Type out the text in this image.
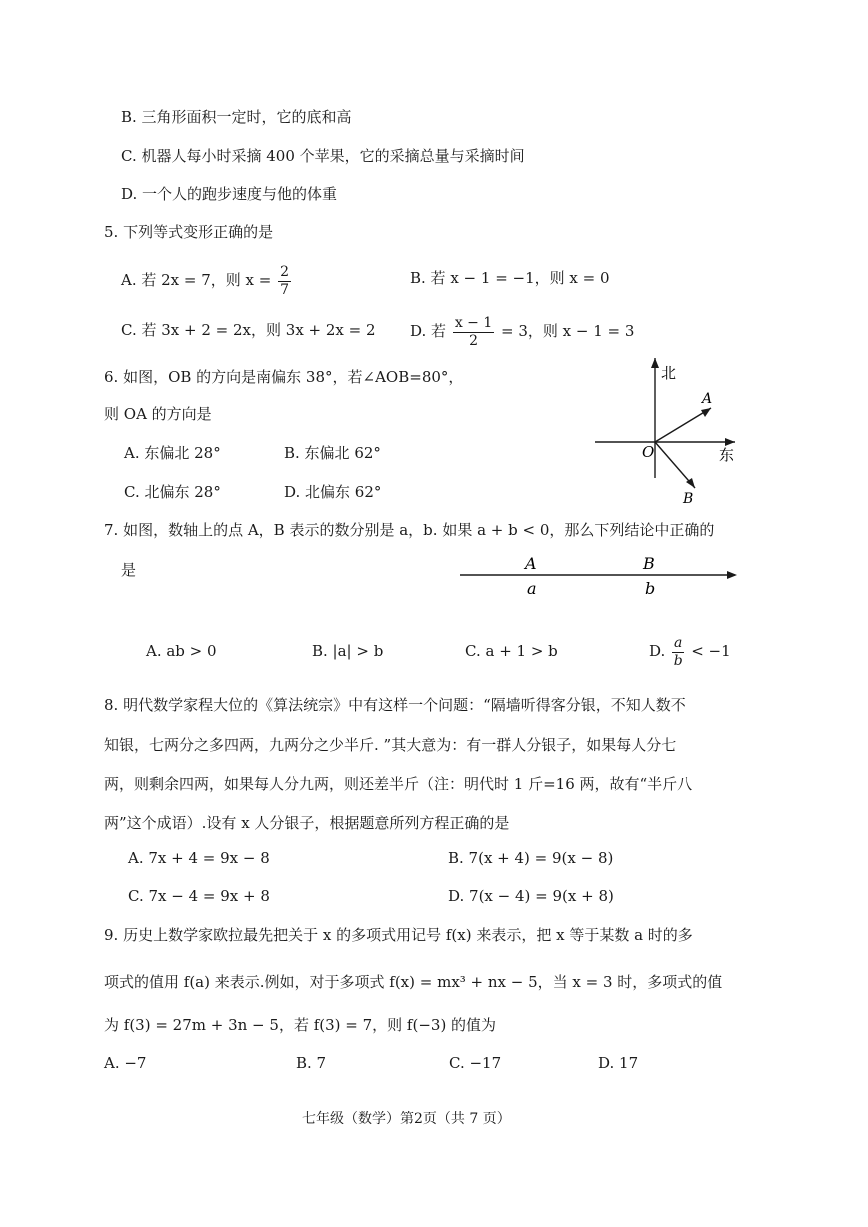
B. 三角形面积一定时，它的底和高
C. 机器人每小时采摘 400 个苹果，它的采摘总量与采摘时间
D. 一个人的跑步速度与他的体重
5. 下列等式变形正确的是
A. 若 2x = 7，则 $x = \frac{2}{7}$	B. 若 x − 1 = −1，则 x = 0
C. 若 3x + 2 = 2x，则 3x + 2x = 2 D. 若 $\frac{x - 1}{2} = 3$，则 x − 1 = 3
6. 如图，OB 的方向是南偏东 38°，若∠AOB=80°，
则 OA 的方向是
A. 东偏北 28°	B. 东偏北 62°
C. 北偏东 28°	D. 北偏东 62°
北
东
O
A
B
7. 如图，数轴上的点 A，B 表示的数分别是 a，b. 如果 a + b < 0，那么下列结论中正确的
是	A	B
a	b
A. ab > 0	B. |a| > b	C. a + 1 > b	D. $\frac{a}{b} < -1$
8. 明代数学家程大位的《算法统宗》中有这样一个问题：“隔墙听得客分银，不知人数不
知银，七两分之多四两，九两分之少半斤. ”其大意为：有一群人分银子，如果每人分七
两，则剩余四两，如果每人分九两，则还差半斤（注：明代时 1 斤=16 两，故有“半斤八
两”这个成语）.设有 x 人分银子，根据题意所列方程正确的是
A. 7x + 4 = 9x − 8	B. 7(x + 4) = 9(x − 8)
C. 7x − 4 = 9x + 8	D. 7(x − 4) = 9(x + 8)
9. 历史上数学家欧拉最先把关于 x 的多项式用记号 f(x) 来表示，把 x 等于某数 a 时的多
项式的值用 f(a) 来表示.例如，对于多项式 f(x) = mx³ + nx − 5，当 x = 3 时，多项式的值
为 f(3) = 27m + 3n − 5，若 f(3) = 7，则 f(−3) 的值为
A. −7	B. 7	C. −17	D. 17
七年级（数学）第2页（共 7 页）
